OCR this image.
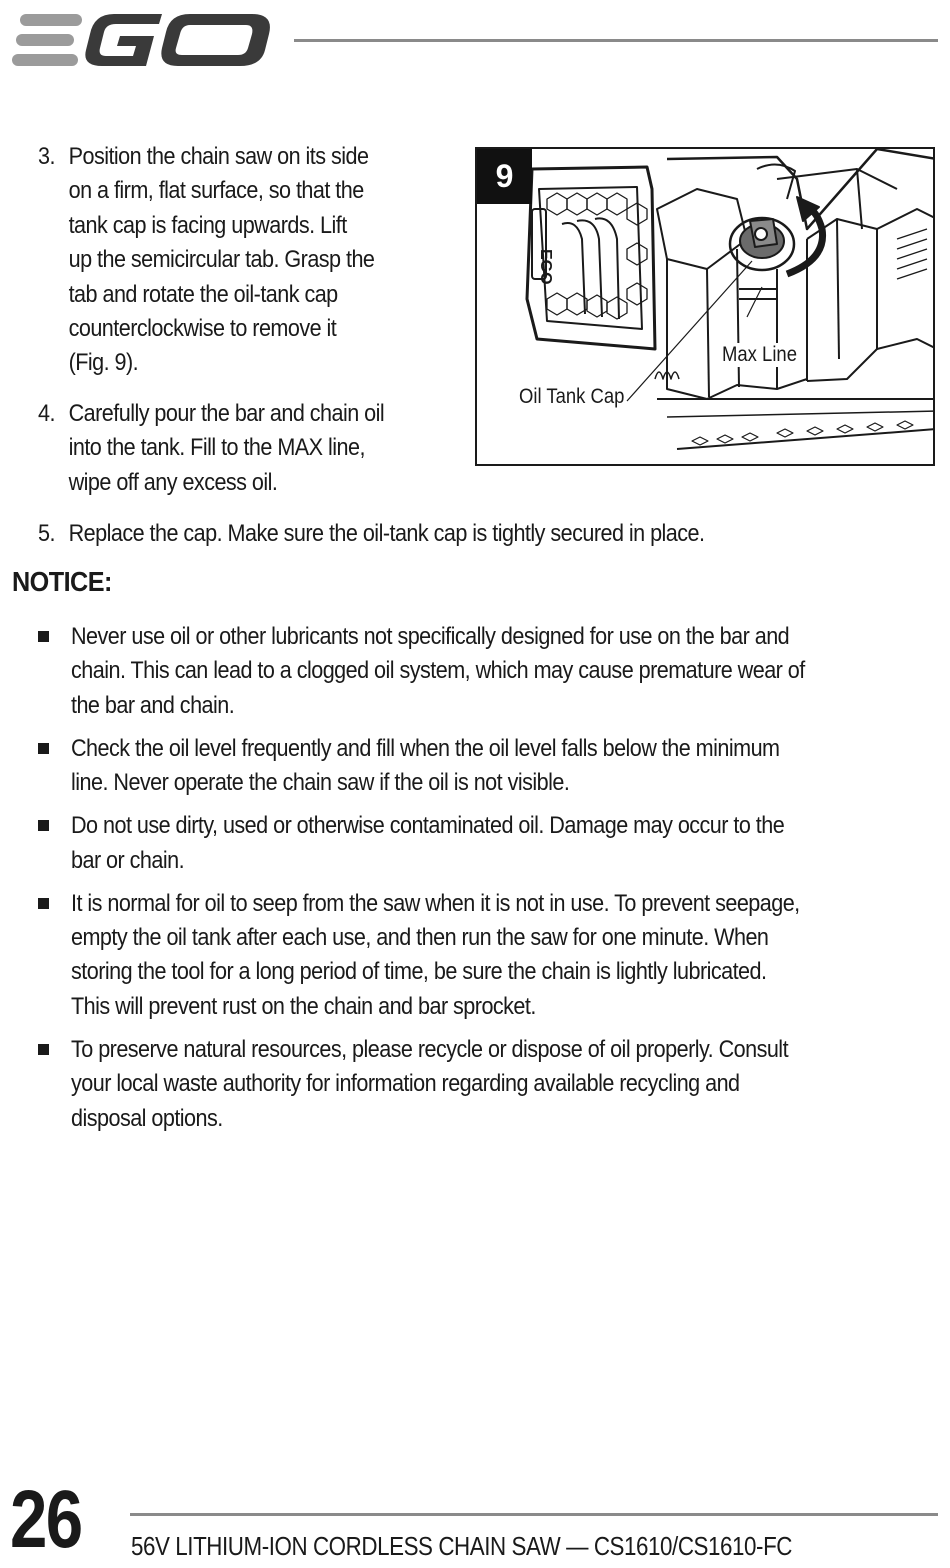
3. Position the chain saw on its side
on a firm, flat surface, so that the
tank cap is facing upwards. Lift
up the semicircular tab. Grasp the
tab and rotate the oil-tank cap
counterclockwise to remove it
(Fig. 9).
4. Carefully pour the bar and chain oil
into the tank. Fill to the MAX line,
wipe off any excess oil.
5. Replace the cap. Make sure the oil-tank cap is tightly secured in place.
EGO
9
Max Line
Oil Tank Cap
NOTICE:
Never use oil or other lubricants not specifically designed for use on the bar and
chain. This can lead to a clogged oil system, which may cause premature wear of
the bar and chain.
Check the oil level frequently and fill when the oil level falls below the minimum
line. Never operate the chain saw if the oil is not visible.
Do not use dirty, used or otherwise contaminated oil. Damage may occur to the
bar or chain.
It is normal for oil to seep from the saw when it is not in use. To prevent seepage,
empty the oil tank after each use, and then run the saw for one minute. When
storing the tool for a long period of time, be sure the chain is lightly lubricated.
This will prevent rust on the chain and bar sprocket.
To preserve natural resources, please recycle or dispose of oil properly. Consult
your local waste authority for information regarding available recycling and
disposal options.
26 56V LITHIUM-ION CORDLESS CHAIN SAW — CS1610/CS1610-FC
